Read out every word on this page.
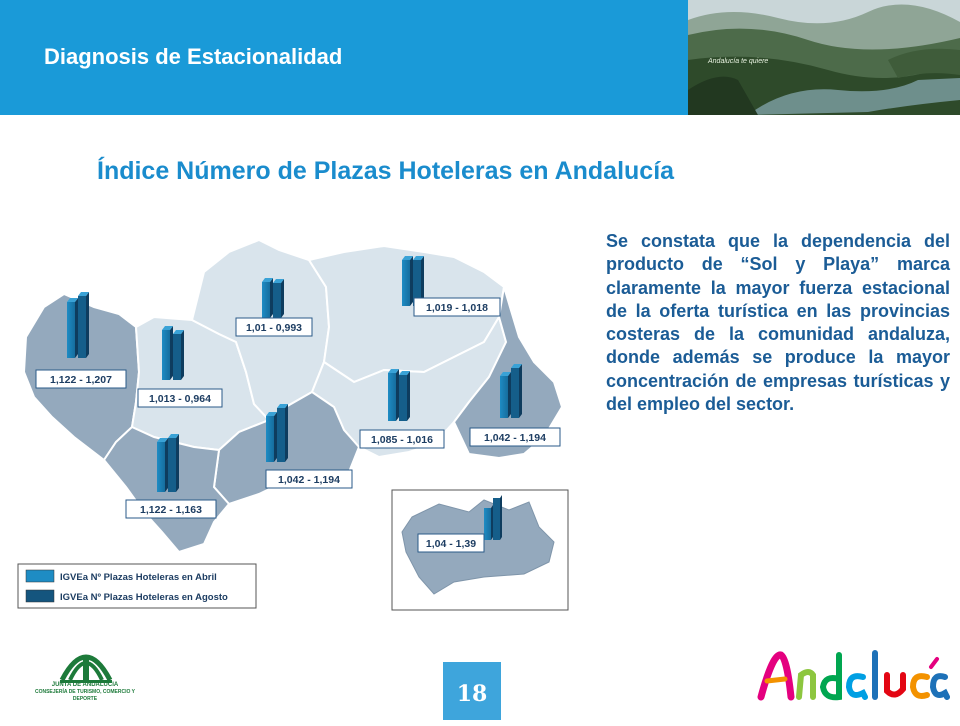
Diagnosis de Estacionalidad	Andalucía te quiere
Índice Número de Plazas Hoteleras en Andalucía
1,122 - 1,207
1,013 - 0,964
1,01 - 0,993
1,019 - 1,018
1,085 - 1,016	1,042 - 1,194
1,042 - 1,194
1,122 - 1,163
1,04 - 1,39
IGVEa Nº Plazas Hoteleras en Abril
IGVEa Nº Plazas Hoteleras en Agosto
Se constata que la dependencia del producto de “Sol y Playa” marca claramente la mayor fuerza estacional de la oferta turística en las provincias costeras de la comunidad andaluza, donde además se produce la mayor concentración de empresas turísticas y del empleo del sector.
JUNTA DE ANDALUCIA
CONSEJERÍA DE TURISMO, COMERCIO Y DEPORTE	18
